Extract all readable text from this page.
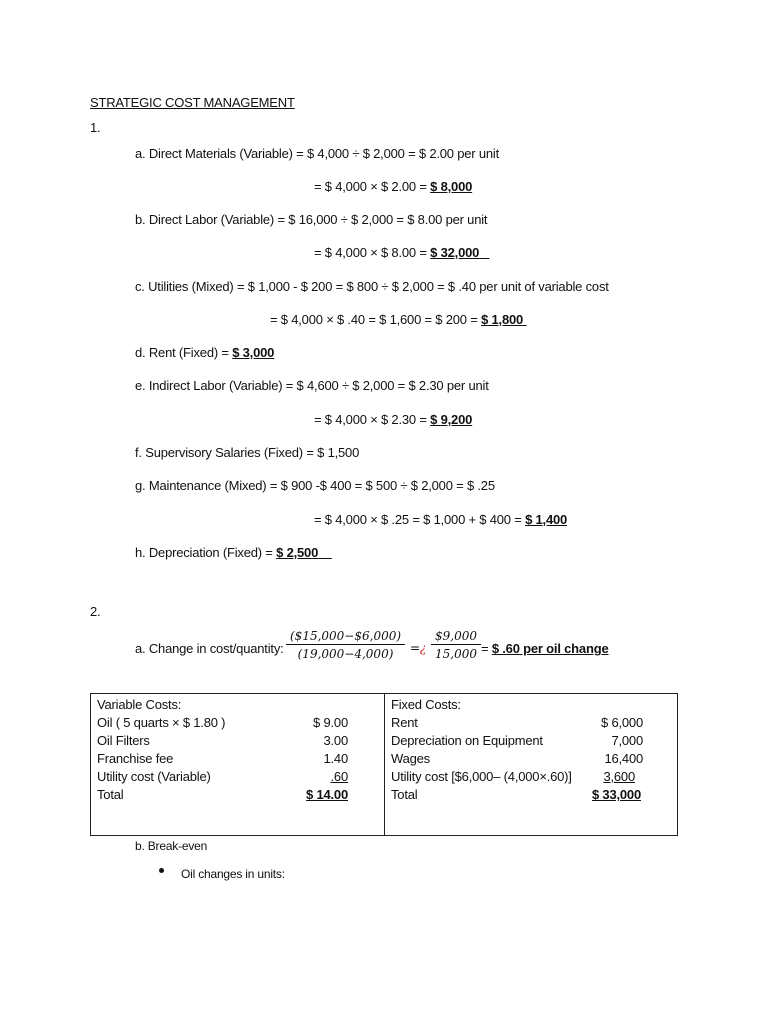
STRATEGIC COST MANAGEMENT
1.
a. Direct Materials (Variable) = $ 4,000 ÷ $ 2,000 = $ 2.00 per unit
= $ 4,000 × $ 2.00 = $ 8,000
b. Direct Labor (Variable) = $ 16,000 ÷ $ 2,000 = $ 8.00 per unit
= $ 4,000 × $ 8.00 = $ 32,000
c. Utilities (Mixed) = $ 1,000 - $ 200 = $ 800 ÷ $ 2,000 = $ .40 per unit of variable cost
= $ 4,000 × $ .40 = $ 1,600 = $ 200 = $ 1,800
d. Rent (Fixed) = $ 3,000
e. Indirect Labor (Variable) = $ 4,600 ÷ $ 2,000 = $ 2.30 per unit
= $ 4,000 × $ 2.30 = $ 9,200
f. Supervisory Salaries (Fixed) = $ 1,500
g. Maintenance (Mixed) = $ 900 -$ 400 = $ 500 ÷ $ 2,000 = $ .25
= $ 4,000 × $ .25 = $ 1,000 + $ 400 = $ 1,400
h. Depreciation (Fixed) = $ 2,500
2.
a. Change in cost/quantity: $\frac{(\$15,000-\$6,000)}{(19,000-4,000)}$ =¿ $\frac{\$9,000}{15,000}$ = $ .60 per oil change
Variable Costs:
Oil ( 5 quarts × $ 1.80 )	$ 9.00
Oil Filters	3.00
Franchise fee	1.40
Utility cost (Variable)	.60
Total	$ 14.00

Fixed Costs:
Rent	$ 6,000
Depreciation on Equipment	7,000
Wages	16,400
Utility cost [$6,000– (4,000×.60)]	3,600
Total	$ 33,000
b. Break-even
Oil changes in units:
